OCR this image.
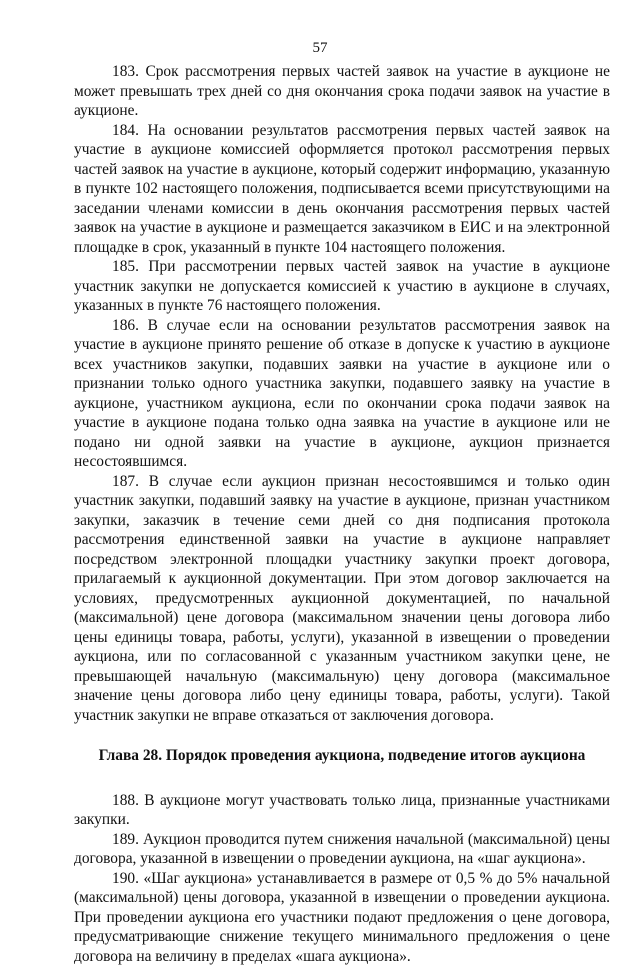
57

183. Срок рассмотрения первых частей заявок на участие в аукционе не может превышать трех дней со дня окончания срока подачи заявок на участие в аукционе.

184. На основании результатов рассмотрения первых частей заявок на участие в аукционе комиссией оформляется протокол рассмотрения первых частей заявок на участие в аукционе, который содержит информацию, указанную в пункте 102 настоящего положения, подписывается всеми присутствующими на заседании членами комиссии в день окончания рассмотрения первых частей заявок на участие в аукционе и размещается заказчиком в ЕИС и на электронной площадке в срок, указанный в пункте 104 настоящего положения.

185. При рассмотрении первых частей заявок на участие в аукционе участник закупки не допускается комиссией к участию в аукционе в случаях, указанных в пункте 76 настоящего положения.

186. В случае если на основании результатов рассмотрения заявок на участие в аукционе принято решение об отказе в допуске к участию в аукционе всех участников закупки, подавших заявки на участие в аукционе или о признании только одного участника закупки, подавшего заявку на участие в аукционе, участником аукциона, если по окончании срока подачи заявок на участие в аукционе подана только одна заявка на участие в аукционе или не подано ни одной заявки на участие в аукционе, аукцион признается несостоявшимся.

187. В случае если аукцион признан несостоявшимся и только один участник закупки, подавший заявку на участие в аукционе, признан участником закупки, заказчик в течение семи дней со дня подписания протокола рассмотрения единственной заявки на участие в аукционе направляет посредством электронной площадки участнику закупки проект договора, прилагаемый к аукционной документации. При этом договор заключается на условиях, предусмотренных аукционной документацией, по начальной (максимальной) цене договора (максимальном значении цены договора либо цены единицы товара, работы, услуги), указанной в извещении о проведении аукциона, или по согласованной с указанным участником закупки цене, не превышающей начальную (максимальную) цену договора (максимальное значение цены договора либо цену единицы товара, работы, услуги). Такой участник закупки не вправе отказаться от заключения договора.

Глава 28. Порядок проведения аукциона, подведение итогов аукциона

188. В аукционе могут участвовать только лица, признанные участниками закупки.

189. Аукцион проводится путем снижения начальной (максимальной) цены договора, указанной в извещении о проведении аукциона, на «шаг аукциона».

190. «Шаг аукциона» устанавливается в размере от 0,5 % до 5% начальной (максимальной) цены договора, указанной в извещении о проведении аукциона. При проведении аукциона его участники подают предложения о цене договора, предусматривающие снижение текущего минимального предложения о цене договора на величину в пределах «шага аукциона».
